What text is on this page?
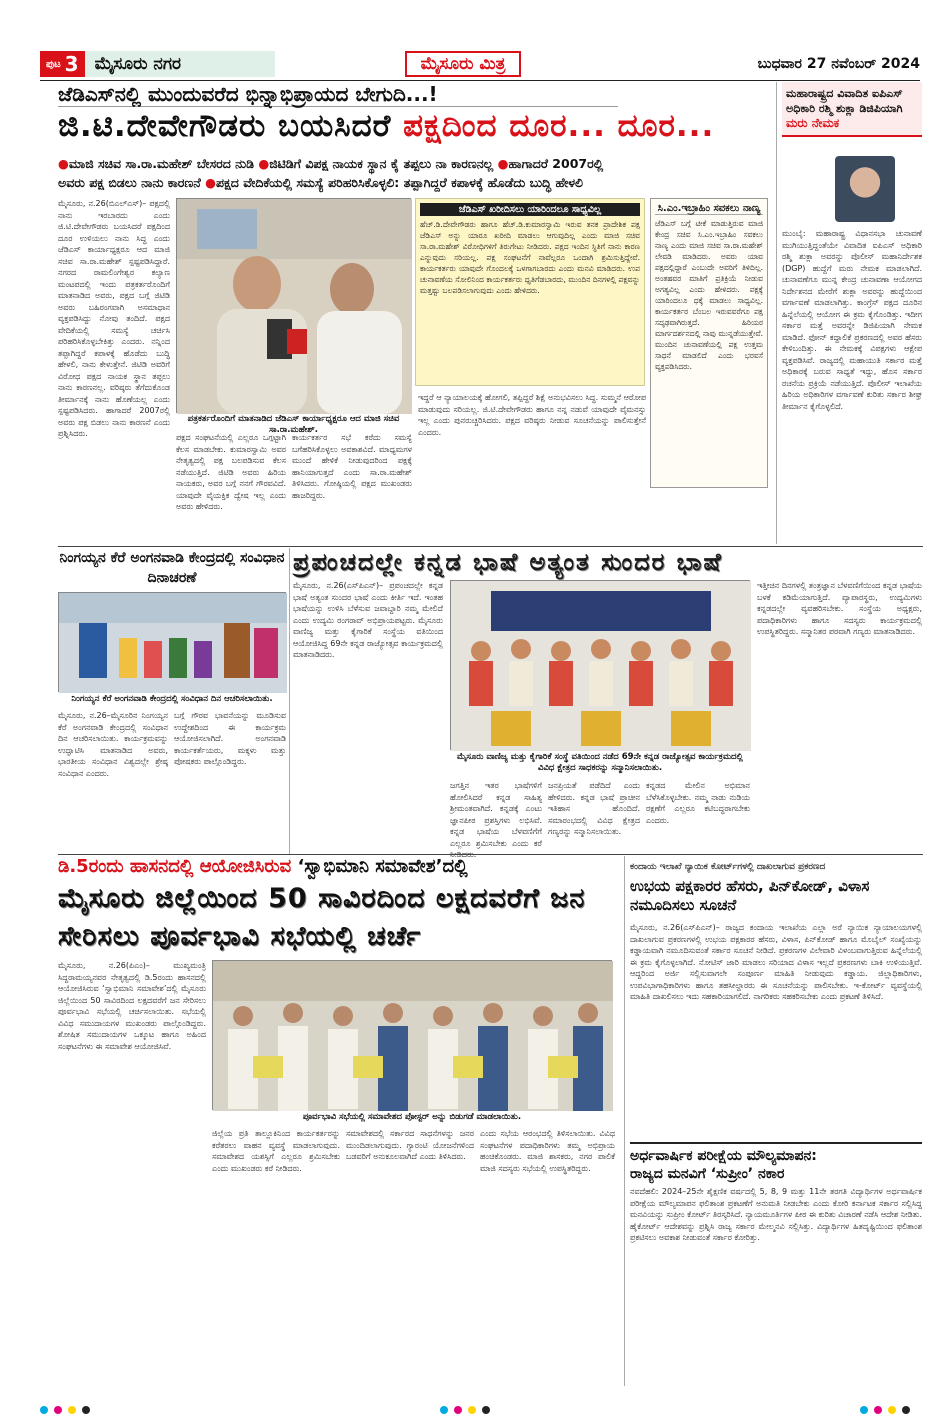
ಪುಟ 3 ಮೈಸೂರು ನಗರ	ಮೈಸೂರು ಮಿತ್ರ	ಬುಧವಾರ 27 ನವೆಂಬರ್ 2024
ಜೆಡಿಎಸ್‌ನಲ್ಲಿ ಮುಂದುವರೆದ ಭಿನ್ನಾಭಿಪ್ರಾಯದ ಬೇಗುದಿ...!
ಜಿ.ಟಿ.ದೇವೇಗೌಡರು ಬಯಸಿದರೆ ಪಕ್ಷದಿಂದ ದೂರ... ದೂರ...
●ಮಾಜಿ ಸಚಿವ ಸಾ.ರಾ.ಮಹೇಶ್ ಬೇಸರದ ನುಡಿ ●ಜಿಟಿಡಿಗೆ ವಿಪಕ್ಷ ನಾಯಕ ಸ್ಥಾನ ಕೈ ತಪ್ಪಲು ನಾ ಕಾರಣನಲ್ಲ ●ಹಾಗಾದರೆ 2007ರಲ್ಲಿ ಅವರು ಪಕ್ಷ ಬಿಡಲು ನಾನು ಕಾರಣನೆ ●ಪಕ್ಷದ ವೇದಿಕೆಯಲ್ಲಿ ಸಮಸ್ಯೆ ಪರಿಹರಿಸಿಕೊಳ್ಳಲಿ: ತಪ್ಪಾಗಿದ್ದರೆ ಕಪಾಳಕ್ಕೆ ಹೊಡೆದು ಬುದ್ಧಿ ಹೇಳಲಿ

ಮೈಸೂರು, ನ.26(ಬಿಎಲ್‌ಎಸ್)– ಪಕ್ಷದಲ್ಲಿ ನಾನು ಇರಬಾರದು ಎಂದು ಜಿ.ಟಿ.ದೇವೇಗೌಡರು ಬಯಸಿದರೆ ಪಕ್ಷದಿಂದ ದೂರ ಉಳಿಯಲು ನಾನು ಸಿದ್ಧ ಎಂದು ಜೆಡಿಎಸ್ ಕಾರ್ಯಾಧ್ಯಕ್ಷರೂ ಆದ ಮಾಜಿ ಸಚಿವ ಸಾ.ರಾ.ಮಹೇಶ್ ಸ್ಪಷ್ಟಪಡಿಸಿದ್ದಾರೆ. ನಗರದ ರಾಮಲಿಂಗೇಶ್ವರ ಕಲ್ಯಾಣ ಮಂಟಪದಲ್ಲಿ ಇಂದು ಪತ್ರಕರ್ತರೊಂದಿಗೆ ಮಾತನಾಡಿದ ಅವರು, ಪಕ್ಷದ ಬಗ್ಗೆ ಜಿಟಿಡಿ ಅವರು ಬಹಿರಂಗವಾಗಿ ಅಸಮಾಧಾನ ವ್ಯಕ್ತಪಡಿಸಿದ್ದು ನೋವು ತಂದಿದೆ. ಪಕ್ಷದ ವೇದಿಕೆಯಲ್ಲಿ ಸಮಸ್ಯೆ ಚರ್ಚಿಸಿ ಪರಿಹರಿಸಿಕೊಳ್ಳಬೇಕಿತ್ತು ಎಂದರು. ನನ್ನಿಂದ ತಪ್ಪಾಗಿದ್ದರೆ ಕಪಾಳಕ್ಕೆ ಹೊಡೆದು ಬುದ್ಧಿ ಹೇಳಲಿ, ನಾನು ಕೇಳುತ್ತೇನೆ. ಜಿಟಿಡಿ ಅವರಿಗೆ ವಿರೋಧ ಪಕ್ಷದ ನಾಯಕ ಸ್ಥಾನ ತಪ್ಪಲು ನಾನು ಕಾರಣನಲ್ಲ. ವರಿಷ್ಠರು ತೆಗೆದುಕೊಂಡ ತೀರ್ಮಾನಕ್ಕೆ ನಾನು ಹೊಣೆಯಲ್ಲ ಎಂದು ಸ್ಪಷ್ಟಪಡಿಸಿದರು. ಹಾಗಾದರೆ 2007ರಲ್ಲಿ ಅವರು ಪಕ್ಷ ಬಿಡಲು ನಾನು ಕಾರಣನೆ ಎಂದು ಪ್ರಶ್ನಿಸಿದರು.

ಪತ್ರಕರ್ತರೊಂದಿಗೆ ಮಾತನಾಡಿದ ಜೆಡಿಎಸ್ ಕಾರ್ಯಾಧ್ಯಕ್ಷರೂ ಆದ ಮಾಜಿ ಸಚಿವ ಸಾ.ರಾ.ಮಹೇಶ್.
ಜೆಡಿಎಸ್ ಖರೀದಿಸಲು ಯಾರಿಂದಲೂ ಸಾಧ್ಯವಿಲ್ಲ
ಹೆಚ್.ಡಿ.ದೇವೇಗೌಡರು ಹಾಗೂ ಹೆಚ್.ಡಿ.ಕುಮಾರಸ್ವಾಮಿ ಇರುವ ತನಕ ಪ್ರಾದೇಶಿಕ ಪಕ್ಷ ಜೆಡಿಎಸ್ ಅನ್ನು ಯಾರೂ ಖರೀದಿ ಮಾಡಲು ಆಗುವುದಿಲ್ಲ ಎಂದು ಮಾಜಿ ಸಚಿವ ಸಾ.ರಾ.ಮಹೇಶ್ ವಿರೋಧಿಗಳಿಗೆ ತಿರುಗೇಟು ನೀಡಿದರು. ಪಕ್ಷದ ಇಂದಿನ ಸ್ಥಿತಿಗೆ ನಾನು ಕಾರಣ ಎನ್ನುವುದು ಸರಿಯಲ್ಲ. ಪಕ್ಷ ಸಂಘಟನೆಗೆ ನಾವೆಲ್ಲರೂ ಒಂದಾಗಿ ಶ್ರಮಿಸುತ್ತಿದ್ದೇವೆ. ಕಾರ್ಯಕರ್ತರು ಯಾವುದೇ ಗೊಂದಲಕ್ಕೆ ಒಳಗಾಗಬಾರದು ಎಂದು ಮನವಿ ಮಾಡಿದರು. ಉಪ ಚುನಾವಣೆಯ ಸೋಲಿನಿಂದ ಕಾರ್ಯಕರ್ತರು ಧೃತಿಗೆಡಬಾರದು, ಮುಂದಿನ ದಿನಗಳಲ್ಲಿ ಪಕ್ಷವನ್ನು ಮತ್ತಷ್ಟು ಬಲಪಡಿಸಲಾಗುವುದು ಎಂದು ಹೇಳಿದರು.
ಸಿ.ಎಂ.ಇಬ್ರಾಹಿಂ ಸವಕಲು ನಾಣ್ಯ
ಜೆಡಿಎಸ್ ಬಗ್ಗೆ ಟೀಕೆ ಮಾಡುತ್ತಿರುವ ಮಾಜಿ ಕೇಂದ್ರ ಸಚಿವ ಸಿ.ಎಂ.ಇಬ್ರಾಹಿಂ ಸವಕಲು ನಾಣ್ಯ ಎಂದು ಮಾಜಿ ಸಚಿವ ಸಾ.ರಾ.ಮಹೇಶ್ ಲೇವಡಿ ಮಾಡಿದರು. ಅವರು ಯಾವ ಪಕ್ಷದಲ್ಲಿದ್ದಾರೆ ಎಂಬುದೇ ಅವರಿಗೆ ತಿಳಿದಿಲ್ಲ. ಅಂತಹವರ ಮಾತಿಗೆ ಪ್ರತಿಕ್ರಿಯೆ ನೀಡುವ ಅಗತ್ಯವಿಲ್ಲ ಎಂದು ಹೇಳಿದರು. ಪಕ್ಷಕ್ಕೆ ಯಾರಿಂದಲೂ ಧಕ್ಕೆ ಮಾಡಲು ಸಾಧ್ಯವಿಲ್ಲ. ಕಾರ್ಯಕರ್ತರ ಬೆಂಬಲ ಇರುವವರೆಗೂ ಪಕ್ಷ ಸದೃಢವಾಗಿರುತ್ತದೆ. ಹಿರಿಯರ ಮಾರ್ಗದರ್ಶನದಲ್ಲಿ ನಾವು ಮುನ್ನಡೆಯುತ್ತೇವೆ. ಮುಂದಿನ ಚುನಾವಣೆಯಲ್ಲಿ ಪಕ್ಷ ಉತ್ತಮ ಸಾಧನೆ ಮಾಡಲಿದೆ ಎಂದು ಭರವಸೆ ವ್ಯಕ್ತಪಡಿಸಿದರು.

ಪಕ್ಷದ ಸಂಘಟನೆಯಲ್ಲಿ ಎಲ್ಲರೂ ಒಗ್ಗಟ್ಟಾಗಿ ಕೆಲಸ ಮಾಡಬೇಕು. ಕುಮಾರಸ್ವಾಮಿ ಅವರ ನೇತೃತ್ವದಲ್ಲಿ ಪಕ್ಷ ಬಲಪಡಿಸುವ ಕೆಲಸ ನಡೆಯುತ್ತಿದೆ. ಜಿಟಿಡಿ ಅವರು ಹಿರಿಯ ನಾಯಕರು, ಅವರ ಬಗ್ಗೆ ನನಗೆ ಗೌರವವಿದೆ. ಯಾವುದೇ ವೈಯಕ್ತಿಕ ದ್ವೇಷ ಇಲ್ಲ ಎಂದು ಅವರು ಹೇಳಿದರು.

ಕಾರ್ಯಕರ್ತರ ಸಭೆ ಕರೆದು ಸಮಸ್ಯೆ ಬಗೆಹರಿಸಿಕೊಳ್ಳಲು ಅವಕಾಶವಿದೆ. ಮಾಧ್ಯಮಗಳ ಮುಂದೆ ಹೇಳಿಕೆ ನೀಡುವುದರಿಂದ ಪಕ್ಷಕ್ಕೆ ಹಾನಿಯಾಗುತ್ತದೆ ಎಂದು ಸಾ.ರಾ.ಮಹೇಶ್ ತಿಳಿಸಿದರು. ಗೋಷ್ಠಿಯಲ್ಲಿ ಪಕ್ಷದ ಮುಖಂಡರು ಹಾಜರಿದ್ದರು.

ಇದ್ದರೆ ಆ ನ್ಯಾಯಾಲಯಕ್ಕೆ ಹೋಗಲಿ, ತಪ್ಪಿದ್ದರೆ ಶಿಕ್ಷೆ ಅನುಭವಿಸಲು ಸಿದ್ಧ. ಸುಮ್ಮನೆ ಆರೋಪ ಮಾಡುವುದು ಸರಿಯಲ್ಲ. ಜಿ.ಟಿ.ದೇವೇಗೌಡರು ಹಾಗೂ ನನ್ನ ನಡುವೆ ಯಾವುದೇ ವೈಮನಸ್ಸು ಇಲ್ಲ ಎಂದು ಪುನರುಚ್ಚರಿಸಿದರು. ಪಕ್ಷದ ವರಿಷ್ಠರು ನೀಡುವ ಸೂಚನೆಯನ್ನು ಪಾಲಿಸುತ್ತೇನೆ ಎಂದರು.

ಮಹಾರಾಷ್ಟ್ರದ ವಿವಾದಿತ ಐಪಿಎಸ್ ಅಧಿಕಾರಿ ರಶ್ಮಿ ಶುಕ್ಲಾ ಡಿಜಿಪಿಯಾಗಿ ಮರು ನೇಮಕ

ಮುಂಬೈ: ಮಹಾರಾಷ್ಟ್ರ ವಿಧಾನಸಭಾ ಚುನಾವಣೆ ಮುಗಿಯುತ್ತಿದ್ದಂತೆಯೇ ವಿವಾದಿತ ಐಪಿಎಸ್ ಅಧಿಕಾರಿ ರಶ್ಮಿ ಶುಕ್ಲಾ ಅವರನ್ನು ಪೊಲೀಸ್ ಮಹಾನಿರ್ದೇಶಕ (DGP) ಹುದ್ದೆಗೆ ಮರು ನೇಮಕ ಮಾಡಲಾಗಿದೆ. ಚುನಾವಣೆಗೂ ಮುನ್ನ ಕೇಂದ್ರ ಚುನಾವಣಾ ಆಯೋಗದ ನಿರ್ದೇಶನದ ಮೇರೆಗೆ ಶುಕ್ಲಾ ಅವರನ್ನು ಹುದ್ದೆಯಿಂದ ವರ್ಗಾವಣೆ ಮಾಡಲಾಗಿತ್ತು. ಕಾಂಗ್ರೆಸ್ ಪಕ್ಷದ ದೂರಿನ ಹಿನ್ನೆಲೆಯಲ್ಲಿ ಆಯೋಗ ಈ ಕ್ರಮ ಕೈಗೊಂಡಿತ್ತು. ಇದೀಗ ಸರ್ಕಾರ ಮತ್ತೆ ಅವರನ್ನೇ ಡಿಜಿಪಿಯಾಗಿ ನೇಮಕ ಮಾಡಿದೆ. ಫೋನ್ ಕದ್ದಾಲಿಕೆ ಪ್ರಕರಣದಲ್ಲಿ ಅವರ ಹೆಸರು ಕೇಳಿಬಂದಿತ್ತು. ಈ ನೇಮಕಕ್ಕೆ ವಿಪಕ್ಷಗಳು ಆಕ್ಷೇಪ ವ್ಯಕ್ತಪಡಿಸಿವೆ. ರಾಜ್ಯದಲ್ಲಿ ಮಹಾಯುತಿ ಸರ್ಕಾರ ಮತ್ತೆ ಅಧಿಕಾರಕ್ಕೆ ಬರುವ ಸಾಧ್ಯತೆ ಇದ್ದು, ಹೊಸ ಸರ್ಕಾರ ರಚನೆಯ ಪ್ರಕ್ರಿಯೆ ನಡೆಯುತ್ತಿದೆ. ಪೊಲೀಸ್ ಇಲಾಖೆಯ ಹಿರಿಯ ಅಧಿಕಾರಿಗಳ ವರ್ಗಾವಣೆ ಕುರಿತು ಸರ್ಕಾರ ಶೀಘ್ರ ತೀರ್ಮಾನ ಕೈಗೊಳ್ಳಲಿದೆ.

ನಿಂಗಯ್ಯನ ಕೆರೆ ಅಂಗನವಾಡಿ ಕೇಂದ್ರದಲ್ಲಿ ಸಂವಿಧಾನ ದಿನಾಚರಣೆ
ನಿಂಗಯ್ಯನ ಕೆರೆ ಅಂಗನವಾಡಿ ಕೇಂದ್ರದಲ್ಲಿ ಸಂವಿಧಾನ ದಿನ ಆಚರಿಸಲಾಯಿತು.

ಮೈಸೂರು, ನ.26–ಮೈಸೂರಿನ ನಿಂಗಯ್ಯನ ಕೆರೆ ಅಂಗನವಾಡಿ ಕೇಂದ್ರದಲ್ಲಿ ಸಂವಿಧಾನ ದಿನ ಆಚರಿಸಲಾಯಿತು. ಕಾರ್ಯಕ್ರಮವನ್ನು ಉದ್ಘಾಟಿಸಿ ಮಾತನಾಡಿದ ಅವರು, ಭಾರತೀಯ ಸಂವಿಧಾನ ವಿಶ್ವದಲ್ಲೇ ಶ್ರೇಷ್ಠ ಸಂವಿಧಾನ ಎಂದರು.

ಬಗ್ಗೆ ಗೌರವ ಭಾವನೆಯನ್ನು ಮೂಡಿಸುವ ಉದ್ದೇಶದಿಂದ ಈ ಕಾರ್ಯಕ್ರಮ ಆಯೋಜಿಸಲಾಗಿದೆ. ಅಂಗನವಾಡಿ ಕಾರ್ಯಕರ್ತೆಯರು, ಮಕ್ಕಳು ಮತ್ತು ಪೋಷಕರು ಪಾಲ್ಗೊಂಡಿದ್ದರು.

ಪ್ರಪಂಚದಲ್ಲೇ ಕನ್ನಡ ಭಾಷೆ ಅತ್ಯಂತ ಸುಂದರ ಭಾಷೆ

ಮೈಸೂರು, ನ.26(ಎಸ್‌ಪಿಎನ್)– ಪ್ರಪಂಚದಲ್ಲೇ ಕನ್ನಡ ಭಾಷೆ ಅತ್ಯಂತ ಸುಂದರ ಭಾಷೆ ಎಂದು ಕೀರ್ತಿ ಇದೆ. ಇಂತಹ ಭಾಷೆಯನ್ನು ಉಳಿಸಿ ಬೆಳೆಸುವ ಜವಾಬ್ದಾರಿ ನಮ್ಮ ಮೇಲಿದೆ ಎಂದು ಉದ್ಯಮಿ ರಂಗರಾವ್ ಅಭಿಪ್ರಾಯಪಟ್ಟರು. ಮೈಸೂರು ವಾಣಿಜ್ಯ ಮತ್ತು ಕೈಗಾರಿಕೆ ಸಂಸ್ಥೆಯ ವತಿಯಿಂದ ಆಯೋಜಿಸಿದ್ದ 69ನೇ ಕನ್ನಡ ರಾಜ್ಯೋತ್ಸವ ಕಾರ್ಯಕ್ರಮದಲ್ಲಿ ಮಾತನಾಡಿದರು.

ಮೈಸೂರು ವಾಣಿಜ್ಯ ಮತ್ತು ಕೈಗಾರಿಕೆ ಸಂಸ್ಥೆ ವತಿಯಿಂದ ನಡೆದ 69ನೇ ಕನ್ನಡ ರಾಜ್ಯೋತ್ಸವ ಕಾರ್ಯಕ್ರಮದಲ್ಲಿ ವಿವಿಧ ಕ್ಷೇತ್ರದ ಸಾಧಕರನ್ನು ಸನ್ಮಾನಿಸಲಾಯಿತು.

ಜಗತ್ತಿನ ಇತರ ಭಾಷೆಗಳಿಗೆ ಹೋಲಿಸಿದರೆ ಕನ್ನಡ ಸಾಹಿತ್ಯ ಶ್ರೀಮಂತವಾಗಿದೆ. ಕನ್ನಡಕ್ಕೆ ಎಂಟು ಜ್ಞಾನಪೀಠ ಪ್ರಶಸ್ತಿಗಳು ಲಭಿಸಿವೆ. ಕನ್ನಡ ಭಾಷೆಯ ಬೆಳವಣಿಗೆಗೆ ಎಲ್ಲರೂ ಶ್ರಮಿಸಬೇಕು ಎಂದು ಕರೆ

ಜನಪ್ರಿಯತೆ ಪಡೆದಿದೆ ಎಂದು ಹೇಳಿದರು. ಕನ್ನಡ ಭಾಷೆ ಪ್ರಾಚೀನ ಇತಿಹಾಸ ಹೊಂದಿದೆ. ಸಮಾರಂಭದಲ್ಲಿ ವಿವಿಧ ಕ್ಷೇತ್ರದ ಗಣ್ಯರನ್ನು ಸನ್ಮಾನಿಸಲಾಯಿತು.

ಕನ್ನಡದ ಮೇಲಿನ ಅಭಿಮಾನ ಬೆಳೆಸಿಕೊಳ್ಳಬೇಕು. ನಮ್ಮ ನಾಡು ನುಡಿಯ ರಕ್ಷಣೆಗೆ ಎಲ್ಲರೂ ಕಟಿಬದ್ಧರಾಗಬೇಕು ಎಂದರು.

ಇತ್ತೀಚಿನ ದಿನಗಳಲ್ಲಿ ತಂತ್ರಜ್ಞಾನ ಬೆಳವಣಿಗೆಯಿಂದ ಕನ್ನಡ ಭಾಷೆಯ ಬಳಕೆ ಕಡಿಮೆಯಾಗುತ್ತಿದೆ. ವ್ಯಾಪಾರಸ್ಥರು, ಉದ್ಯಮಿಗಳು ಕನ್ನಡದಲ್ಲೇ ವ್ಯವಹರಿಸಬೇಕು. ಸಂಸ್ಥೆಯ ಅಧ್ಯಕ್ಷರು, ಪದಾಧಿಕಾರಿಗಳು ಹಾಗೂ ಸದಸ್ಯರು ಕಾರ್ಯಕ್ರಮದಲ್ಲಿ ಉಪಸ್ಥಿತರಿದ್ದರು. ಸನ್ಮಾನಿತರ ಪರವಾಗಿ ಗಣ್ಯರು ಮಾತನಾಡಿದರು.

ಡಿ.5ರಂದು ಹಾಸನದಲ್ಲಿ ಆಯೋಜಿಸಿರುವ ‘ಸ್ವಾಭಿಮಾನಿ ಸಮಾವೇಶ’ದಲ್ಲಿ
ಮೈಸೂರು ಜಿಲ್ಲೆಯಿಂದ 50 ಸಾವಿರದಿಂದ ಲಕ್ಷದವರೆಗೆ ಜನ ಸೇರಿಸಲು ಪೂರ್ವಭಾವಿ ಸಭೆಯಲ್ಲಿ ಚರ್ಚೆ

ಮೈಸೂರು, ನ.26(ಪಿಎಂ)– ಮುಖ್ಯಮಂತ್ರಿ ಸಿದ್ದರಾಮಯ್ಯನವರ ನೇತೃತ್ವದಲ್ಲಿ ಡಿ.5ರಂದು ಹಾಸನದಲ್ಲಿ ಆಯೋಜಿಸಿರುವ ‘ಸ್ವಾಭಿಮಾನಿ ಸಮಾವೇಶ’ದಲ್ಲಿ ಮೈಸೂರು ಜಿಲ್ಲೆಯಿಂದ 50 ಸಾವಿರದಿಂದ ಲಕ್ಷದವರೆಗೆ ಜನ ಸೇರಿಸಲು ಪೂರ್ವಭಾವಿ ಸಭೆಯಲ್ಲಿ ಚರ್ಚಿಸಲಾಯಿತು. ಸಭೆಯಲ್ಲಿ ವಿವಿಧ ಸಮುದಾಯಗಳ ಮುಖಂಡರು ಪಾಲ್ಗೊಂಡಿದ್ದರು. ಶೋಷಿತ ಸಮುದಾಯಗಳ ಒಕ್ಕೂಟ ಹಾಗೂ ಅಹಿಂದ ಸಂಘಟನೆಗಳು ಈ ಸಮಾವೇಶ ಆಯೋಜಿಸಿವೆ.

ಪೂರ್ವಭಾವಿ ಸಭೆಯಲ್ಲಿ ಸಮಾವೇಶದ ಪೋಸ್ಟರ್ ಅನ್ನು ಬಿಡುಗಡೆ ಮಾಡಲಾಯಿತು.

ಜಿಲ್ಲೆಯ ಪ್ರತಿ ತಾಲ್ಲೂಕಿನಿಂದ ಕಾರ್ಯಕರ್ತರನ್ನು ಕರೆತರಲು ವಾಹನ ವ್ಯವಸ್ಥೆ ಮಾಡಲಾಗುವುದು. ಸಮಾವೇಶದ ಯಶಸ್ಸಿಗೆ ಎಲ್ಲರೂ ಶ್ರಮಿಸಬೇಕು ಎಂದು ಮುಖಂಡರು ಕರೆ ನೀಡಿದರು.

ಸಮಾವೇಶದಲ್ಲಿ ಸರ್ಕಾರದ ಸಾಧನೆಗಳನ್ನು ಜನರ ಮುಂದಿಡಲಾಗುವುದು. ಗ್ಯಾರಂಟಿ ಯೋಜನೆಗಳಿಂದ ಬಡವರಿಗೆ ಅನುಕೂಲವಾಗಿದೆ ಎಂದು ತಿಳಿಸಿದರು.

ಎಂದು ಸಭೆಯ ಆರಂಭದಲ್ಲಿ ತಿಳಿಸಲಾಯಿತು. ವಿವಿಧ ಸಂಘಟನೆಗಳ ಪದಾಧಿಕಾರಿಗಳು ತಮ್ಮ ಅಭಿಪ್ರಾಯ ಹಂಚಿಕೊಂಡರು. ಮಾಜಿ ಶಾಸಕರು, ನಗರ ಪಾಲಿಕೆ ಮಾಜಿ ಸದಸ್ಯರು ಸಭೆಯಲ್ಲಿ ಉಪಸ್ಥಿತರಿದ್ದರು.

ಕಂದಾಯ ಇಲಾಖೆ ನ್ಯಾಯಿಕ ಕೋರ್ಟ್‌ಗಳಲ್ಲಿ ದಾಖಲಾಗುವ ಪ್ರಕರಣದ
ಉಭಯ ಪಕ್ಷಕಾರರ ಹೆಸರು, ಪಿನ್‌ಕೋಡ್, ವಿಳಾಸ ನಮೂದಿಸಲು ಸೂಚನೆ

ಮೈಸೂರು, ನ.26(ಎಸ್‌ಪಿಎನ್)– ರಾಜ್ಯದ ಕಂದಾಯ ಇಲಾಖೆಯ ಎಲ್ಲಾ ಅರೆ ನ್ಯಾಯಿಕ ನ್ಯಾಯಾಲಯಗಳಲ್ಲಿ ದಾಖಲಾಗುವ ಪ್ರಕರಣಗಳಲ್ಲಿ ಉಭಯ ಪಕ್ಷಕಾರರ ಹೆಸರು, ವಿಳಾಸ, ಪಿನ್‌ಕೋಡ್ ಹಾಗೂ ಮೊಬೈಲ್ ಸಂಖ್ಯೆಯನ್ನು ಕಡ್ಡಾಯವಾಗಿ ನಮೂದಿಸುವಂತೆ ಸರ್ಕಾರ ಸೂಚನೆ ನೀಡಿದೆ. ಪ್ರಕರಣಗಳ ವಿಲೇವಾರಿ ವಿಳಂಬವಾಗುತ್ತಿರುವ ಹಿನ್ನೆಲೆಯಲ್ಲಿ ಈ ಕ್ರಮ ಕೈಗೊಳ್ಳಲಾಗಿದೆ. ನೋಟಿಸ್ ಜಾರಿ ಮಾಡಲು ಸರಿಯಾದ ವಿಳಾಸ ಇಲ್ಲದೆ ಪ್ರಕರಣಗಳು ಬಾಕಿ ಉಳಿಯುತ್ತಿವೆ. ಆದ್ದರಿಂದ ಅರ್ಜಿ ಸಲ್ಲಿಸುವಾಗಲೇ ಸಂಪೂರ್ಣ ಮಾಹಿತಿ ನೀಡುವುದು ಕಡ್ಡಾಯ. ಜಿಲ್ಲಾಧಿಕಾರಿಗಳು, ಉಪವಿಭಾಗಾಧಿಕಾರಿಗಳು ಹಾಗೂ ತಹಸೀಲ್ದಾರರು ಈ ಸೂಚನೆಯನ್ನು ಪಾಲಿಸಬೇಕು. ಇ-ಕೋರ್ಟ್ ವ್ಯವಸ್ಥೆಯಲ್ಲಿ ಮಾಹಿತಿ ದಾಖಲಿಸಲು ಇದು ಸಹಕಾರಿಯಾಗಲಿದೆ. ನಾಗರಿಕರು ಸಹಕರಿಸಬೇಕು ಎಂದು ಪ್ರಕಟಣೆ ತಿಳಿಸಿದೆ.

ಅರ್ಧವಾರ್ಷಿಕ ಪರೀಕ್ಷೆಯ ಮೌಲ್ಯಮಾಪನ:
ರಾಜ್ಯದ ಮನವಿಗೆ ‘ಸುಪ್ರೀಂ’ ನಕಾರ

ನವದೆಹಲಿ: 2024–25ನೇ ಶೈಕ್ಷಣಿಕ ವರ್ಷದಲ್ಲಿ 5, 8, 9 ಮತ್ತು 11ನೇ ತರಗತಿ ವಿದ್ಯಾರ್ಥಿಗಳ ಅರ್ಧವಾರ್ಷಿಕ ಪರೀಕ್ಷೆಯ ಮೌಲ್ಯಮಾಪನ ಫಲಿತಾಂಶ ಪ್ರಕಟಣೆಗೆ ಅನುಮತಿ ನೀಡಬೇಕು ಎಂದು ಕೋರಿ ಕರ್ನಾಟಕ ಸರ್ಕಾರ ಸಲ್ಲಿಸಿದ್ದ ಮನವಿಯನ್ನು ಸುಪ್ರೀಂ ಕೋರ್ಟ್ ತಿರಸ್ಕರಿಸಿದೆ. ನ್ಯಾಯಮೂರ್ತಿಗಳ ಪೀಠ ಈ ಕುರಿತು ವಿಚಾರಣೆ ನಡೆಸಿ ಆದೇಶ ನೀಡಿತು. ಹೈಕೋರ್ಟ್ ಆದೇಶವನ್ನು ಪ್ರಶ್ನಿಸಿ ರಾಜ್ಯ ಸರ್ಕಾರ ಮೇಲ್ಮನವಿ ಸಲ್ಲಿಸಿತ್ತು. ವಿದ್ಯಾರ್ಥಿಗಳ ಹಿತದೃಷ್ಟಿಯಿಂದ ಫಲಿತಾಂಶ ಪ್ರಕಟಿಸಲು ಅವಕಾಶ ನೀಡುವಂತೆ ಸರ್ಕಾರ ಕೋರಿತ್ತು.
